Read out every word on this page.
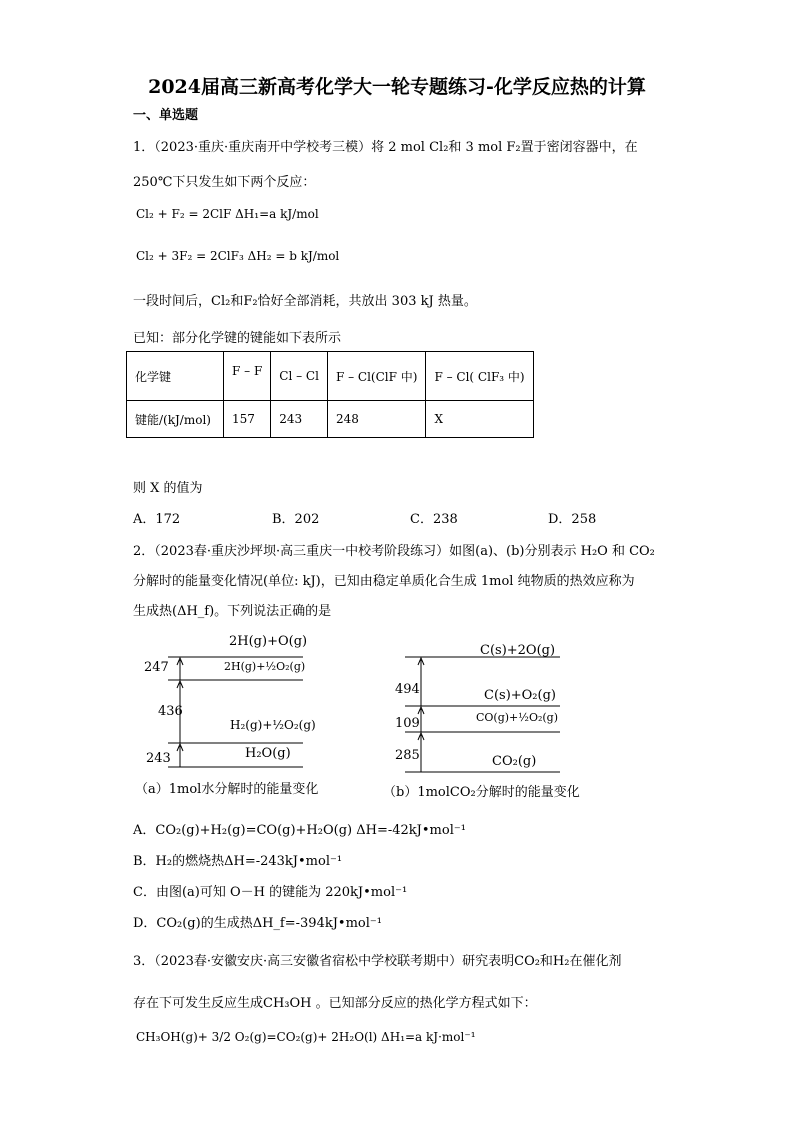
2024届高三新高考化学大一轮专题练习-化学反应热的计算
一、单选题
1．（2023·重庆·重庆南开中学校考三模）将 2 mol Cl₂和 3 mol F₂置于密闭容器中，在
250℃下只发生如下两个反应：
Cl₂ + F₂ = 2ClF ΔH₁=a kJ/mol
Cl₂ + 3F₂ = 2ClF₃ ΔH₂ = b kJ/mol
一段时间后，Cl₂和F₂恰好全部消耗，共放出 303 kJ 热量。
已知：部分化学键的键能如下表所示
化学键	F – F	Cl – Cl	F – Cl(ClF 中)	F – Cl( ClF₃ 中)
键能/(kJ/mol)	157	243	248	X
则 X 的值为
A．172	B．202	C．238	D．258
2．（2023春·重庆沙坪坝·高三重庆一中校考阶段练习）如图(a)、(b)分别表示 H₂O 和 CO₂
分解时的能量变化情况(单位: kJ)，已知由稳定单质化合生成 1mol 纯物质的热效应称为
生成热(ΔH_f)。下列说法正确的是
2H(g)+O(g)
2H(g)+½O₂(g)
H₂(g)+½O₂(g)
H₂O(g)
247
436
243
（a）1mol水分解时的能量变化
C(s)+2O(g)
C(s)+O₂(g)
CO(g)+½O₂(g)
CO₂(g)
494
109
285
（b）1molCO₂分解时的能量变化
A．CO₂(g)+H₂(g)=CO(g)+H₂O(g) ΔH=-42kJ•mol⁻¹
B．H₂的燃烧热ΔH=-243kJ•mol⁻¹
C．由图(a)可知 O－H 的键能为 220kJ•mol⁻¹
D．CO₂(g)的生成热ΔH_f=-394kJ•mol⁻¹
3．（2023春·安徽安庆·高三安徽省宿松中学校联考期中）研究表明CO₂和H₂在催化剂
存在下可发生反应生成CH₃OH 。已知部分反应的热化学方程式如下：
CH₃OH(g)+ 3/2 O₂(g)=CO₂(g)+ 2H₂O(l) ΔH₁=a kJ·mol⁻¹
